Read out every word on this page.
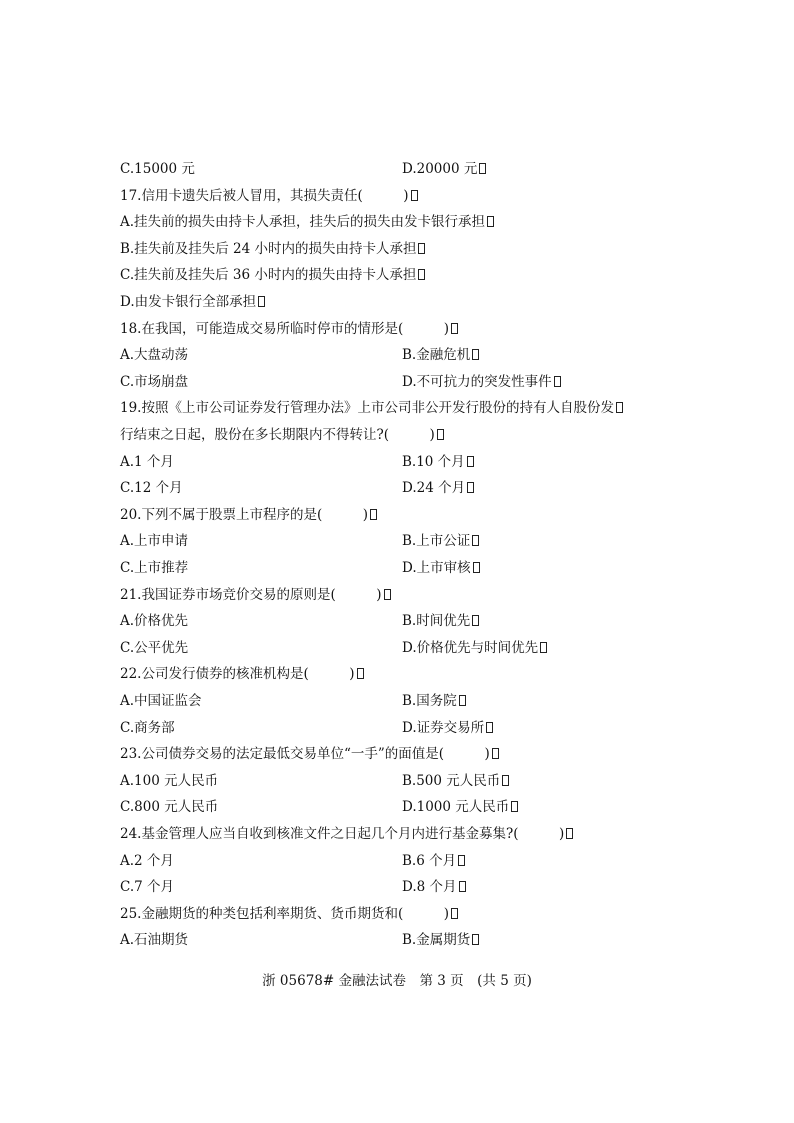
C.15000 元	D.20000 元
17.信用卡遗失后被人冒用，其损失责任(　　　)
A.挂失前的损失由持卡人承担，挂失后的损失由发卡银行承担
B.挂失前及挂失后 24 小时内的损失由持卡人承担
C.挂失前及挂失后 36 小时内的损失由持卡人承担
D.由发卡银行全部承担
18.在我国，可能造成交易所临时停市的情形是(　　　)
A.大盘动荡	B.金融危机
C.市场崩盘	D.不可抗力的突发性事件
19.按照《上市公司证券发行管理办法》上市公司非公开发行股份的持有人自股份发
行结束之日起，股份在多长期限内不得转让?(　　　)
A.1 个月	B.10 个月
C.12 个月	D.24 个月
20.下列不属于股票上市程序的是(　　　)
A.上市申请	B.上市公证
C.上市推荐	D.上市审核
21.我国证券市场竞价交易的原则是(　　　)
A.价格优先	B.时间优先
C.公平优先	D.价格优先与时间优先
22.公司发行债券的核准机构是(　　　)
A.中国证监会	B.国务院
C.商务部	D.证券交易所
23.公司债券交易的法定最低交易单位“一手”的面值是(　　　)
A.100 元人民币	B.500 元人民币
C.800 元人民币	D.1000 元人民币
24.基金管理人应当自收到核准文件之日起几个月内进行基金募集?(　　　)
A.2 个月	B.6 个月
C.7 个月	D.8 个月
25.金融期货的种类包括利率期货、货币期货和(　　　)
A.石油期货	B.金属期货
浙 05678# 金融法试卷　第 3 页　(共 5 页)
